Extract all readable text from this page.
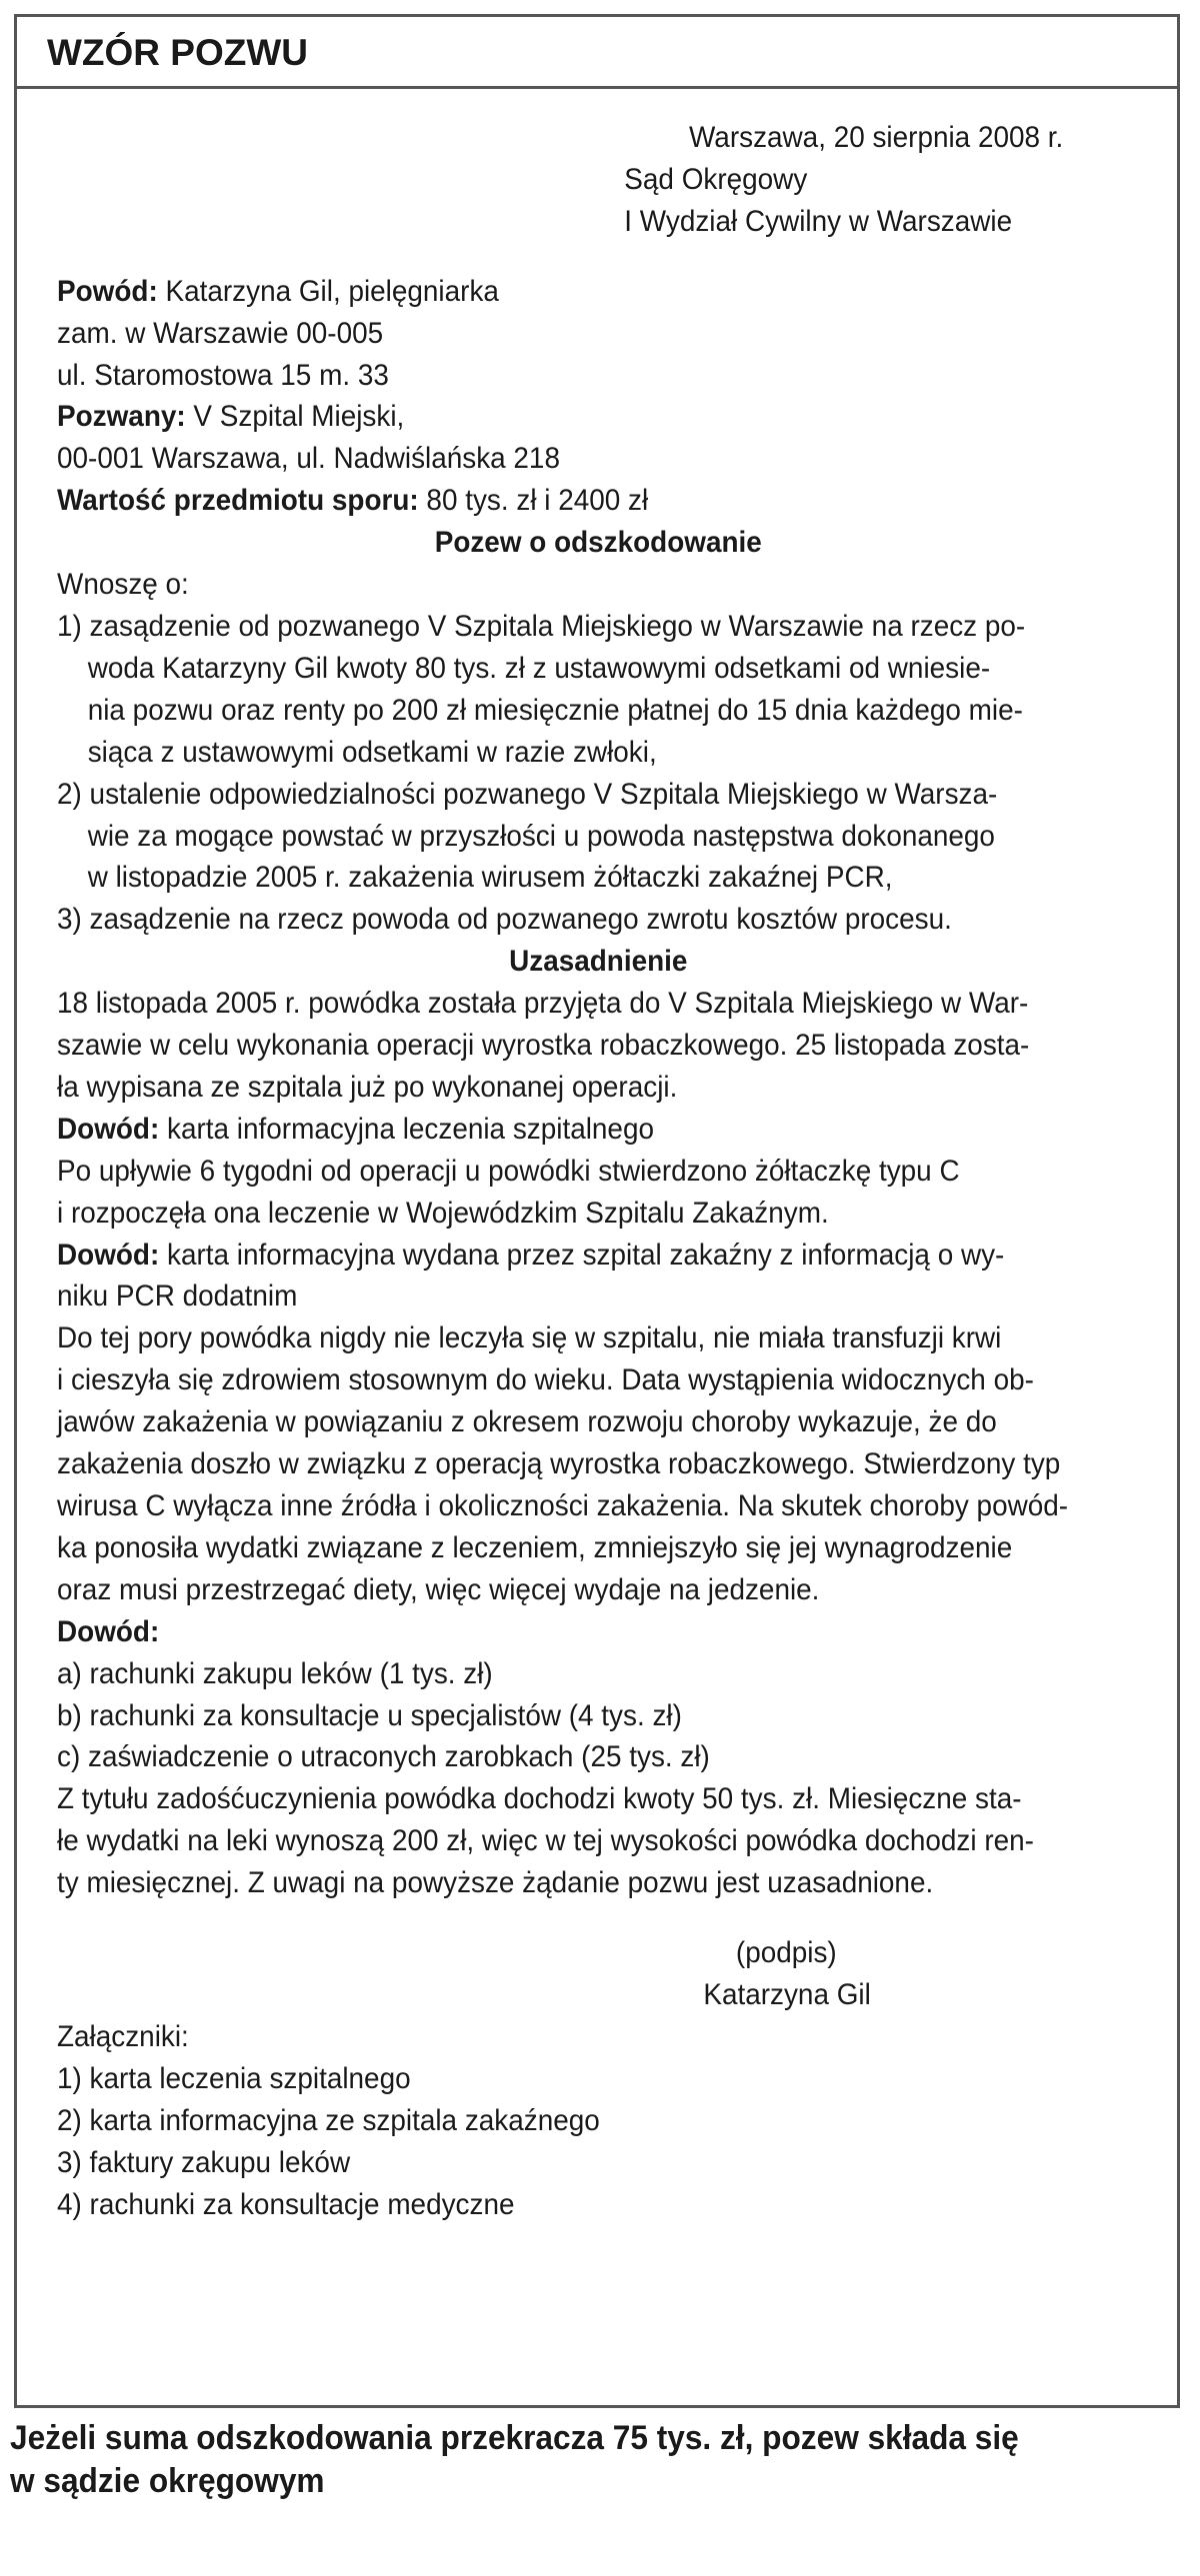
WZÓR POZWU
Warszawa, 20 sierpnia 2008 r.
Sąd Okręgowy
I Wydział Cywilny w Warszawie
Powód: Katarzyna Gil, pielęgniarka
zam. w Warszawie 00-005
ul. Staromostowa 15 m. 33
Pozwany: V Szpital Miejski,
00-001 Warszawa, ul. Nadwiślańska 218
Wartość przedmiotu sporu: 80 tys. zł i 2400 zł
Pozew o odszkodowanie
Wnoszę o:
1) zasądzenie od pozwanego V Szpitala Miejskiego w Warszawie na rzecz po-
woda Katarzyny Gil kwoty 80 tys. zł z ustawowymi odsetkami od wniesie-
nia pozwu oraz renty po 200 zł miesięcznie płatnej do 15 dnia każdego mie-
siąca z ustawowymi odsetkami w razie zwłoki,
2) ustalenie odpowiedzialności pozwanego V Szpitala Miejskiego w Warsza-
wie za mogące powstać w przyszłości u powoda następstwa dokonanego
w listopadzie 2005 r. zakażenia wirusem żółtaczki zakaźnej PCR,
3) zasądzenie na rzecz powoda od pozwanego zwrotu kosztów procesu.
Uzasadnienie
18 listopada 2005 r. powódka została przyjęta do V Szpitala Miejskiego w War-
szawie w celu wykonania operacji wyrostka robaczkowego. 25 listopada zosta-
ła wypisana ze szpitala już po wykonanej operacji.
Dowód: karta informacyjna leczenia szpitalnego
Po upływie 6 tygodni od operacji u powódki stwierdzono żółtaczkę typu C
i rozpoczęła ona leczenie w Wojewódzkim Szpitalu Zakaźnym.
Dowód: karta informacyjna wydana przez szpital zakaźny z informacją o wy-
niku PCR dodatnim
Do tej pory powódka nigdy nie leczyła się w szpitalu, nie miała transfuzji krwi
i cieszyła się zdrowiem stosownym do wieku. Data wystąpienia widocznych ob-
jawów zakażenia w powiązaniu z okresem rozwoju choroby wykazuje, że do
zakażenia doszło w związku z operacją wyrostka robaczkowego. Stwierdzony typ
wirusa C wyłącza inne źródła i okoliczności zakażenia. Na skutek choroby powód-
ka ponosiła wydatki związane z leczeniem, zmniejszyło się jej wynagrodzenie
oraz musi przestrzegać diety, więc więcej wydaje na jedzenie.
Dowód:
a) rachunki zakupu leków (1 tys. zł)
b) rachunki za konsultacje u specjalistów (4 tys. zł)
c) zaświadczenie o utraconych zarobkach (25 tys. zł)
Z tytułu zadośćuczynienia powódka dochodzi kwoty 50 tys. zł. Miesięczne sta-
łe wydatki na leki wynoszą 200 zł, więc w tej wysokości powódka dochodzi ren-
ty miesięcznej. Z uwagi na powyższe żądanie pozwu jest uzasadnione.
(podpis)
Katarzyna Gil
Załączniki:
1) karta leczenia szpitalnego
2) karta informacyjna ze szpitala zakaźnego
3) faktury zakupu leków
4) rachunki za konsultacje medyczne
Jeżeli suma odszkodowania przekracza 75 tys. zł, pozew składa się
w sądzie okręgowym
